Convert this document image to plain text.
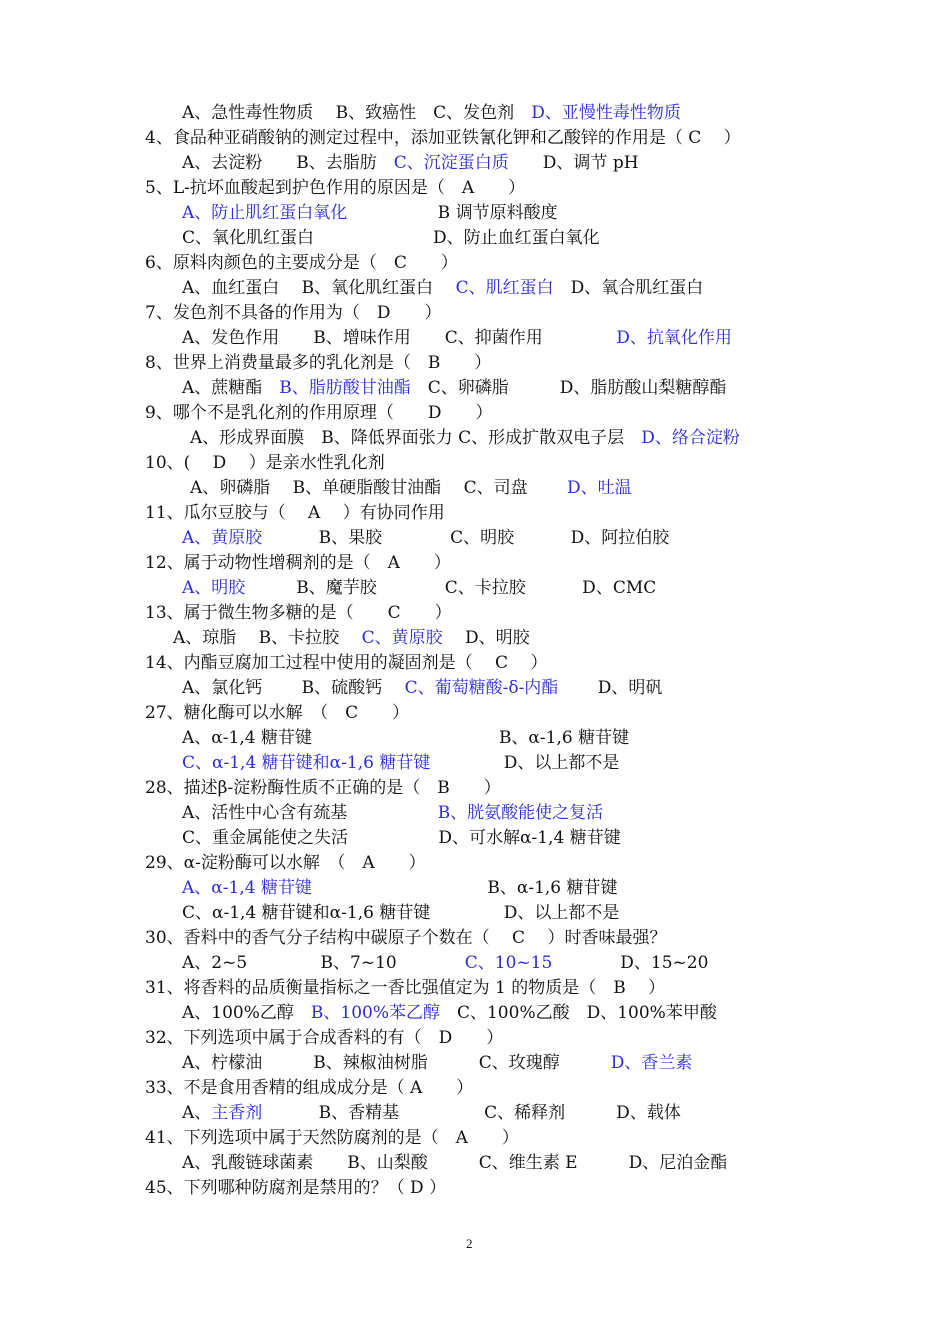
A、急性毒性物质　 B、致癌性　C、发色剂　D、亚慢性毒性物质
4、食品种亚硝酸钠的测定过程中，添加亚铁氰化钾和乙酸锌的作用是（ C　 ）
A、去淀粉　　B、去脂肪　C、沉淀蛋白质　　D、调节 pH
5、L-抗坏血酸起到护色作用的原因是（　A　　）
A、防止肌红蛋白氧化　　　　　 B 调节原料酸度
C、氧化肌红蛋白　　　　　　　D、防止血红蛋白氧化
6、原料肉颜色的主要成分是（　C　　）
A、血红蛋白　 B、氧化肌红蛋白　 C、肌红蛋白　D、氧合肌红蛋白
7、发色剂不具备的作用为（　D　　）
A、发色作用　　B、增味作用　　C、抑菌作用　　　　 D、抗氧化作用
8、世界上消费量最多的乳化剂是（　B　　）
A、蔗糖酯　B、脂肪酸甘油酯　C、卵磷脂　　　D、脂肪酸山梨糖醇酯
9、哪个不是乳化剂的作用原理（　　D　　）
A、形成界面膜　B、降低界面张力 C、形成扩散双电子层　D、络合淀粉
10、(　 D　 ）是亲水性乳化剂
A、卵磷脂　 B、单硬脂酸甘油酯　 C、司盘　　 D、吐温
11、瓜尔豆胶与（　 A　 ）有协同作用
A、黄原胶　　　 B、果胶　　　　C、明胶　　　 D、阿拉伯胶
12、属于动物性增稠剂的是（　A　　）
A、明胶　　　B、魔芋胶　　　　C、卡拉胶　　　 D、CMC
13、属于微生物多糖的是（　　C　　）
A、琼脂　 B、卡拉胶　 C、黄原胶　 D、明胶
14、内酯豆腐加工过程中使用的凝固剂是（　 C　 ）
A、氯化钙　　 B、硫酸钙　 C、葡萄糖酸-δ-内酯　　 D、明矾
27、糖化酶可以水解　（　C　　）
A、α-1,4 糖苷键　　　　　　　　　　　B、α-1,6 糖苷键
C、α-1,4 糖苷键和α-1,6 糖苷键　　　　 D、以上都不是
28、描述β-淀粉酶性质不正确的是（　B　　）
A、活性中心含有巯基　　　　　 B、胱氨酸能使之复活
C、重金属能使之失活　　　　　 D、可水解α-1,4 糖苷键
29、α-淀粉酶可以水解　（　A　　）
A、α-1,4 糖苷键　　　　　　　　　　 B、α-1,6 糖苷键
C、α-1,4 糖苷键和α-1,6 糖苷键　　　　 D、以上都不是
30、香料中的香气分子结构中碳原子个数在（　 C　 ）时香味最强？
A、2~5　　　　 B、7~10　　　　C、10~15　　　　D、15~20
31、将香料的品质衡量指标之一香比强值定为 1 的物质是（　B　 ）
A、100%乙醇　B、100%苯乙醇　C、100%乙酸　D、100%苯甲酸
32、下列选项中属于合成香料的有（　D　　）
A、柠檬油　　　B、辣椒油树脂　　　C、玫瑰醇　　　D、香兰素
33、不是食用香精的组成成分是（ A　　）
A、主香剂　　　 B、香精基　　　　　C、稀释剂　　　D、载体
41、下列选项中属于天然防腐剂的是（　A　　）
A、乳酸链球菌素　　B、山梨酸　　　C、维生素 E　　　D、尼泊金酯
45、下列哪种防腐剂是禁用的？（ D ）
2
